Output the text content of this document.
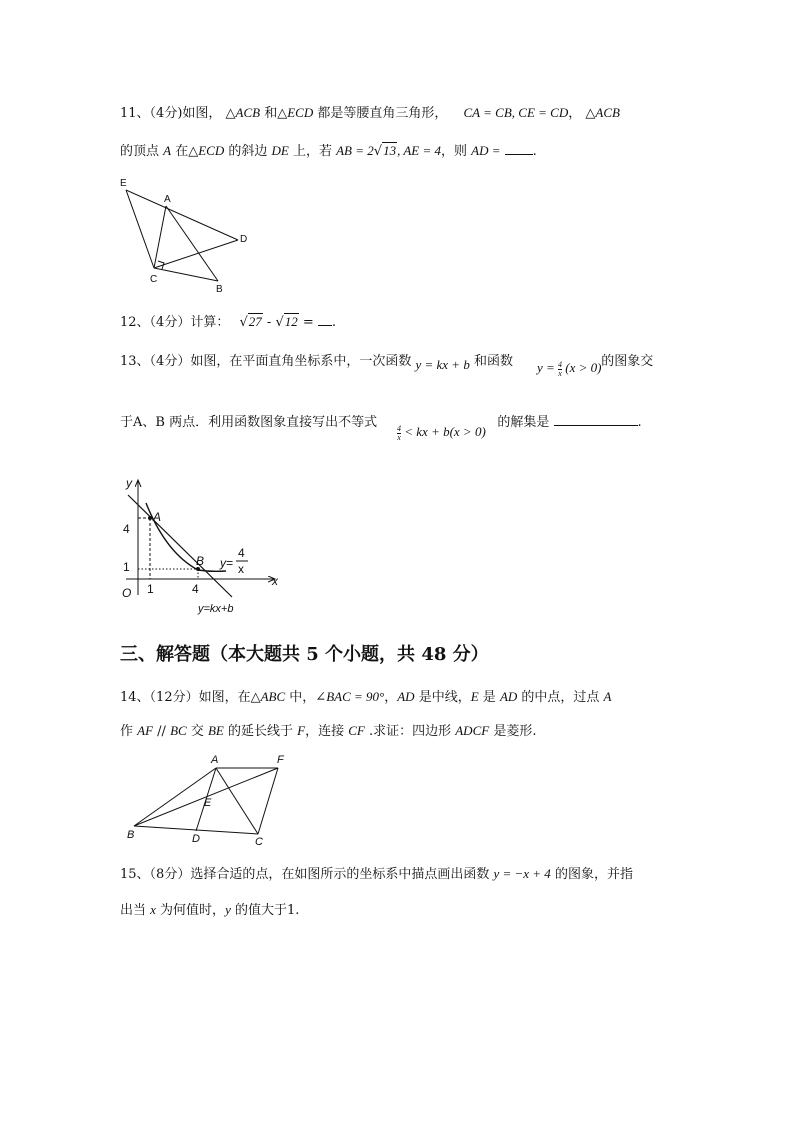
11、（4分)如图， △ACB 和△ECD 都是等腰直角三角形， CA = CB, CE = CD， △ACB
的顶点 A 在△ECD 的斜边 DE 上，若 AB = 2√13, AE = 4，则 AD = .
E
A
D
C
B
12、（4分）计算： √27 - √12 = .
13、（4分）如图，在平面直角坐标系中，一次函数 y = kx + b 和函数	的图象交
$y = \frac{4}{x} (x > 0)$
于A、B 两点．利用函数图象直接写出不等式	的解集是	.
$\frac{4}{x}$ < kx + b(x > 0)
y
x
O
4
1
1	4
A
B y=
4
x
y=kx+b
三、解答题（本大题共 5 个小题，共 48 分）
14、（12分）如图，在△ABC 中，∠BAC = 90°，AD 是中线，E 是 AD 的中点，过点 A
作 AF // BC 交 BE 的延长线于 F，连接 CF .求证：四边形 ADCF 是菱形.
A	F
E
B	D	C
15、（8分）选择合适的点，在如图所示的坐标系中描点画出函数 y = −x + 4 的图象，并指
出当 x 为何值时，y 的值大于1.
